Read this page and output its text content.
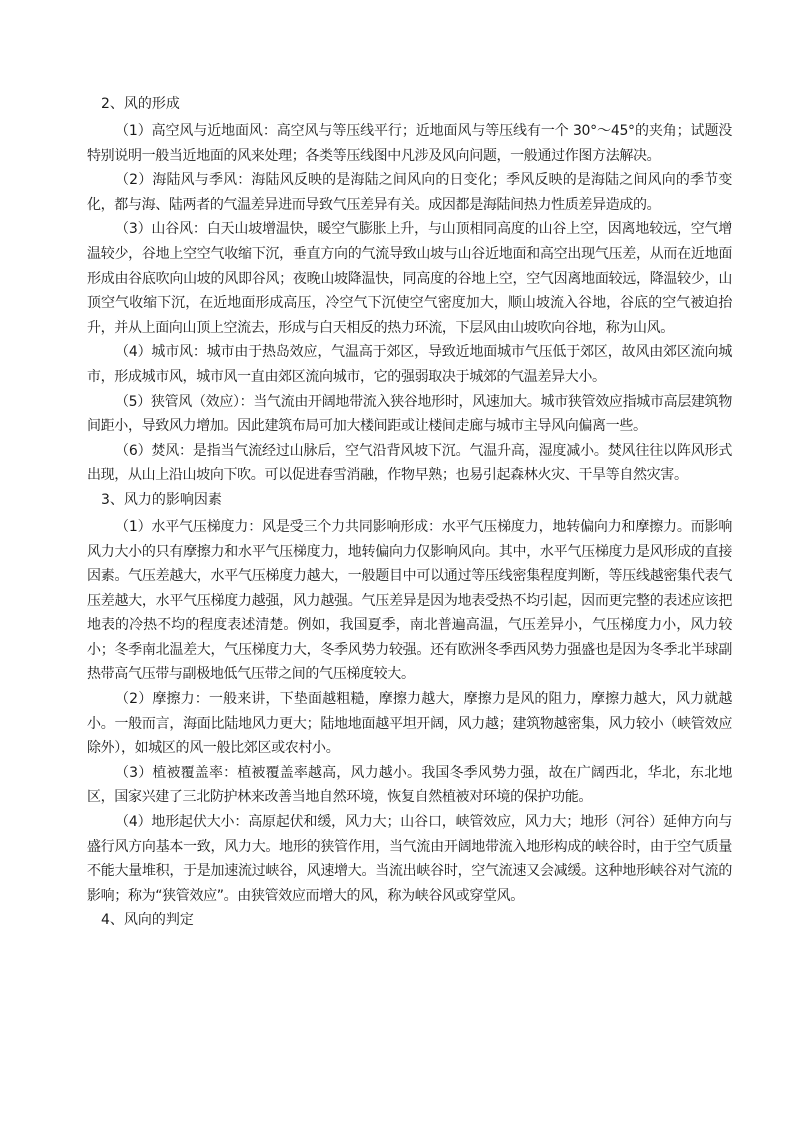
2、风的形成

（1）高空风与近地面风：高空风与等压线平行；近地面风与等压线有一个 30°～45°的夹角；试题没特别说明一般当近地面的风来处理；各类等压线图中凡涉及风向问题，一般通过作图方法解决。

（2）海陆风与季风：海陆风反映的是海陆之间风向的日变化；季风反映的是海陆之间风向的季节变化，都与海、陆两者的气温差异进而导致气压差异有关。成因都是海陆间热力性质差异造成的。

（3）山谷风：白天山坡增温快，暖空气膨胀上升，与山顶相同高度的山谷上空，因离地较远，空气增温较少，谷地上空空气收缩下沉，垂直方向的气流导致山坡与山谷近地面和高空出现气压差，从而在近地面形成由谷底吹向山坡的风即谷风；夜晚山坡降温快，同高度的谷地上空，空气因离地面较远，降温较少，山顶空气收缩下沉，在近地面形成高压，冷空气下沉使空气密度加大，顺山坡流入谷地，谷底的空气被迫抬升，并从上面向山顶上空流去，形成与白天相反的热力环流，下层风由山坡吹向谷地，称为山风。

（4）城市风：城市由于热岛效应，气温高于郊区，导致近地面城市气压低于郊区，故风由郊区流向城市，形成城市风，城市风一直由郊区流向城市，它的强弱取决于城郊的气温差异大小。

（5）狭管风（效应）：当气流由开阔地带流入狭谷地形时，风速加大。城市狭管效应指城市高层建筑物间距小，导致风力增加。因此建筑布局可加大楼间距或让楼间走廊与城市主导风向偏离一些。

（6）焚风：是指当气流经过山脉后，空气沿背风坡下沉。气温升高，湿度减小。焚风往往以阵风形式出现，从山上沿山坡向下吹。可以促进春雪消融，作物早熟；也易引起森林火灾、干旱等自然灾害。

3、风力的影响因素

（1）水平气压梯度力：风是受三个力共同影响形成：水平气压梯度力，地转偏向力和摩擦力。而影响风力大小的只有摩擦力和水平气压梯度力，地转偏向力仅影响风向。其中，水平气压梯度力是风形成的直接因素。气压差越大，水平气压梯度力越大，一般题目中可以通过等压线密集程度判断，等压线越密集代表气压差越大，水平气压梯度力越强，风力越强。气压差异是因为地表受热不均引起，因而更完整的表述应该把地表的冷热不均的程度表述清楚。例如，我国夏季，南北普遍高温，气压差异小，气压梯度力小，风力较小；冬季南北温差大，气压梯度力大，冬季风势力较强。还有欧洲冬季西风势力强盛也是因为冬季北半球副热带高气压带与副极地低气压带之间的气压梯度较大。

（2）摩擦力：一般来讲，下垫面越粗糙，摩擦力越大，摩擦力是风的阻力，摩擦力越大，风力就越小。一般而言，海面比陆地风力更大；陆地地面越平坦开阔，风力越；建筑物越密集，风力较小（峡管效应除外），如城区的风一般比郊区或农村小。

（3）植被覆盖率：植被覆盖率越高，风力越小。我国冬季风势力强，故在广阔西北，华北，东北地区，国家兴建了三北防护林来改善当地自然环境，恢复自然植被对环境的保护功能。

（4）地形起伏大小：高原起伏和缓，风力大；山谷口，峡管效应，风力大；地形（河谷）延伸方向与盛行风方向基本一致，风力大。地形的狭管作用，当气流由开阔地带流入地形构成的峡谷时，由于空气质量不能大量堆积，于是加速流过峡谷，风速增大。当流出峡谷时，空气流速又会减缓。这种地形峡谷对气流的影响；称为“狭管效应”。由狭管效应而增大的风，称为峡谷风或穿堂风。

4、风向的判定
